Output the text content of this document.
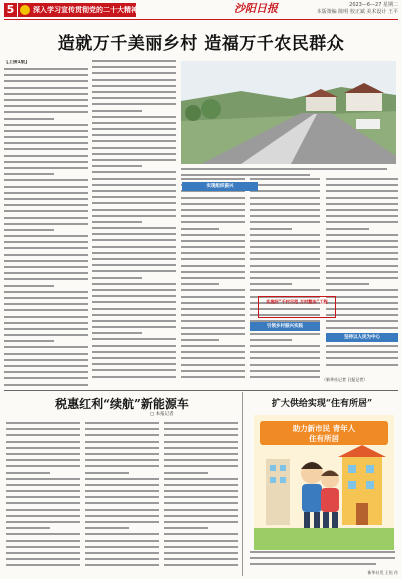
5	深入学习宣传贯彻党的二十大精神	沙阳日报	2023—6—27 星期二
本版策编 陈明 校正斌 美术设计 王平
造就万千美丽乡村 造福万千农民群众
【上接1版】
实现组织振兴
引领乡村振兴实践
实施好“千村示范 万村整治”工程
坚持以人民为中心
（新华社记者 日报记者）
税惠红利“续航”新能源车
□ 本报记者
扩大供给实现“住有所居”
助力新市民 青年人
住有所居
新华社发 王恒 作
